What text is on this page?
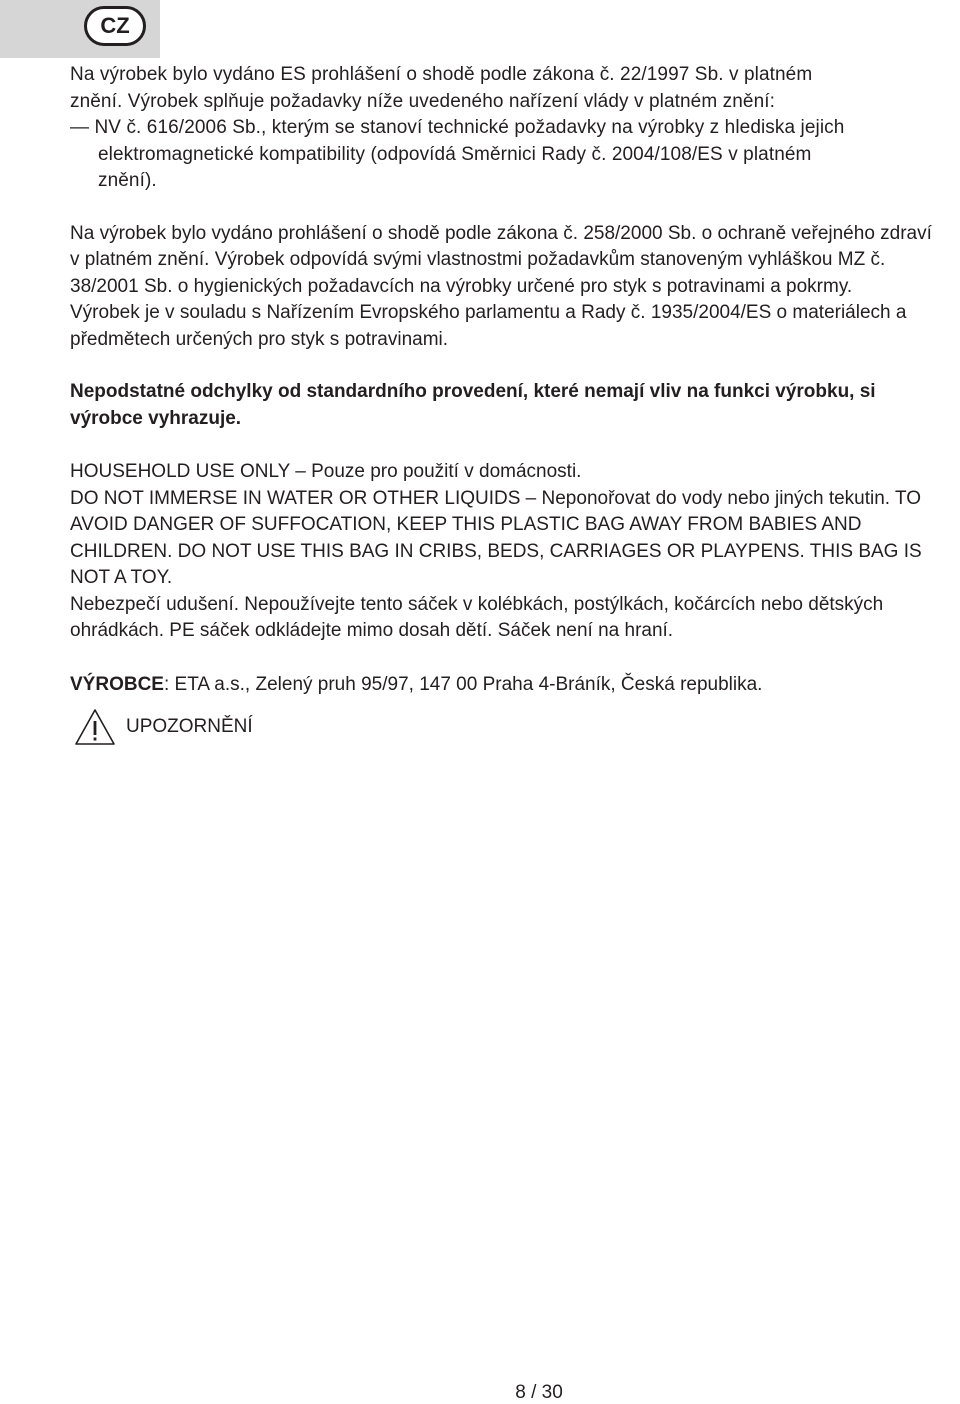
CZ
Na výrobek bylo vydáno ES prohlášení o shodě podle zákona č. 22/1997 Sb. v platném
znění. Výrobek splňuje požadavky níže uvedeného nařízení vlády v platném znění:
— NV č. 616/2006 Sb., kterým se stanoví technické požadavky na výrobky z hlediska jejich
elektromagnetické kompatibility (odpovídá Směrnici Rady č. 2004/108/ES v platném
znění).

Na výrobek bylo vydáno prohlášení o shodě podle zákona č. 258/2000 Sb. o ochraně veřejného zdraví v platném znění. Výrobek odpovídá svými vlastnostmi požadavkům stanoveným vyhláškou MZ č. 38/2001 Sb. o hygienických požadavcích na výrobky určené pro styk s potravinami a pokrmy.
Výrobek je v souladu s Nařízením Evropského parlamentu a Rady č. 1935/2004/ES o materiálech a předmětech určených pro styk s potravinami.

Nepodstatné odchylky od standardního provedení, které nemají vliv na funkci výrobku, si výrobce vyhrazuje.

HOUSEHOLD USE ONLY – Pouze pro použití v domácnosti.
DO NOT IMMERSE IN WATER OR OTHER LIQUIDS – Neponořovat do vody nebo jiných tekutin. TO AVOID DANGER OF SUFFOCATION, KEEP THIS PLASTIC BAG AWAY FROM BABIES AND CHILDREN. DO NOT USE THIS BAG IN CRIBS, BEDS, CARRIAGES OR PLAYPENS. THIS BAG IS NOT A TOY.
Nebezpečí udušení. Nepoužívejte tento sáček v kolébkách, postýlkách, kočárcích nebo dětských ohrádkách. PE sáček odkládejte mimo dosah dětí. Sáček není na hraní.

VÝROBCE: ETA a.s., Zelený pruh 95/97, 147 00 Praha 4-Bráník, Česká republika.

UPOZORNĚNÍ
8 / 30
